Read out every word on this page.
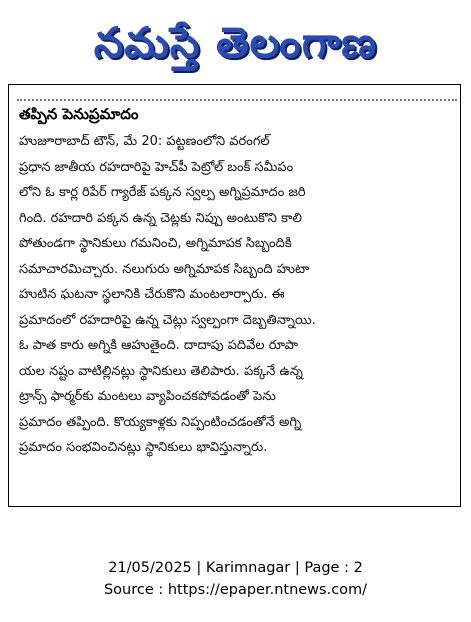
నమస్తే తెలంగాణ
తప్పిన పెనుప్రమాదం
హుజూరాబాద్ టౌన్, మే 20: పట్టణంలోని వరంగల్
ప్రధాన జాతీయ రహదారిపై హెచ్‌పీ పెట్రోల్ బంక్ సమీపం
లోని ఓ కార్ల రిపేర్ గ్యారేజ్ పక్కన స్వల్ప అగ్నిప్రమాదం జరి
గింది. రహదారి పక్కన ఉన్న చెట్లకు నిప్పు అంటుకొని కాలి
పోతుండగా స్థానికులు గమనించి, అగ్నిమాపక సిబ్బందికి
సమాచారమిచ్చారు. నలుగురు అగ్నిమాపక సిబ్బంది హుటా
హుటిన ఘటనా స్థలానికి చేరుకొని మంటలార్పారు. ఈ
ప్రమాదంలో రహదారిపై ఉన్న చెట్లు స్వల్పంగా దెబ్బతిన్నాయి.
ఓ పాత కారు అగ్నికి ఆహుతైంది. దాదాపు పదివేల రూపా
యల నష్టం వాటిల్లినట్లు స్థానికులు తెలిపారు. పక్కనే ఉన్న
ట్రాన్స్ ఫార్మర్‌కు మంటలు వ్యాపించకపోవడంతో పెను
ప్రమాదం తప్పింది. కొయ్యకాళ్లకు నిప్పంటించడంతోనే అగ్ని
ప్రమాదం సంభవించినట్లు స్థానికులు భావిస్తున్నారు.
21/05/2025 | Karimnagar | Page : 2
Source : https://epaper.ntnews.com/
